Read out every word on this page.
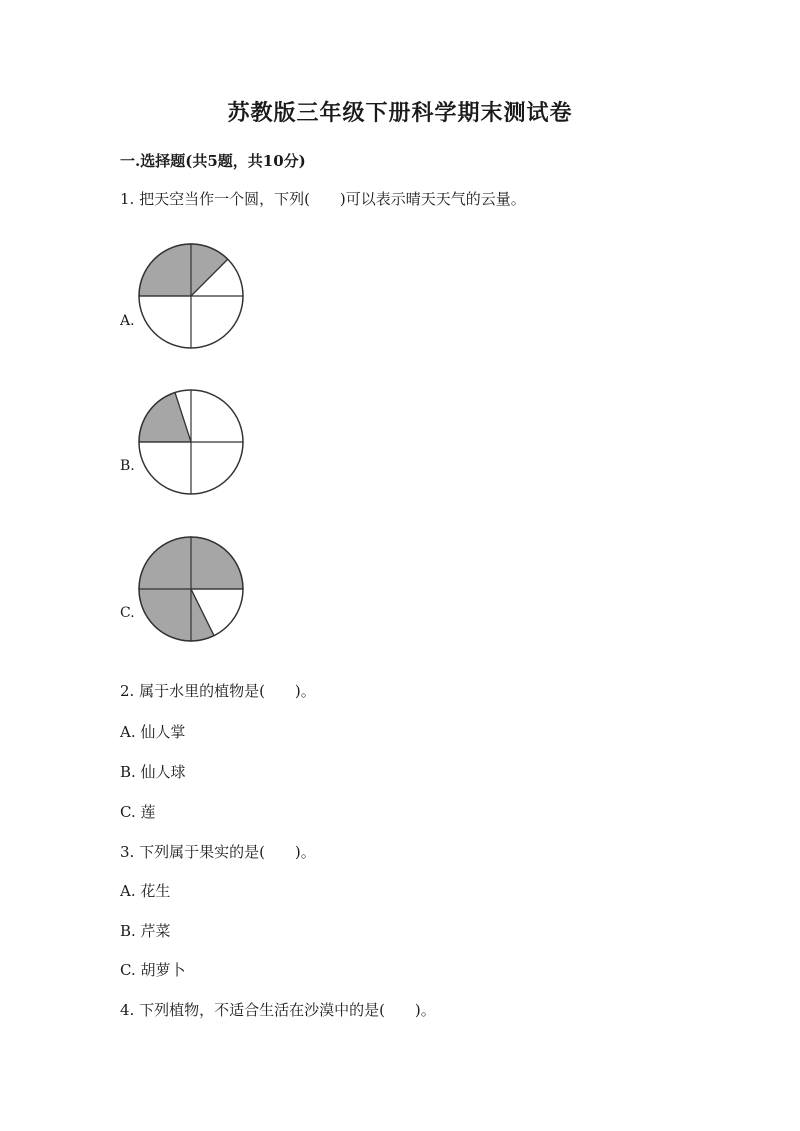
苏教版三年级下册科学期末测试卷
一.选择题(共5题，共10分)
1. 把天空当作一个圆，下列(　　)可以表示晴天天气的云量。
A.
B.
C.
2. 属于水里的植物是(　　)。
A. 仙人掌
B. 仙人球
C. 莲
3. 下列属于果实的是(　　)。
A. 花生
B. 芹菜
C. 胡萝卜
4. 下列植物，不适合生活在沙漠中的是(　　)。
